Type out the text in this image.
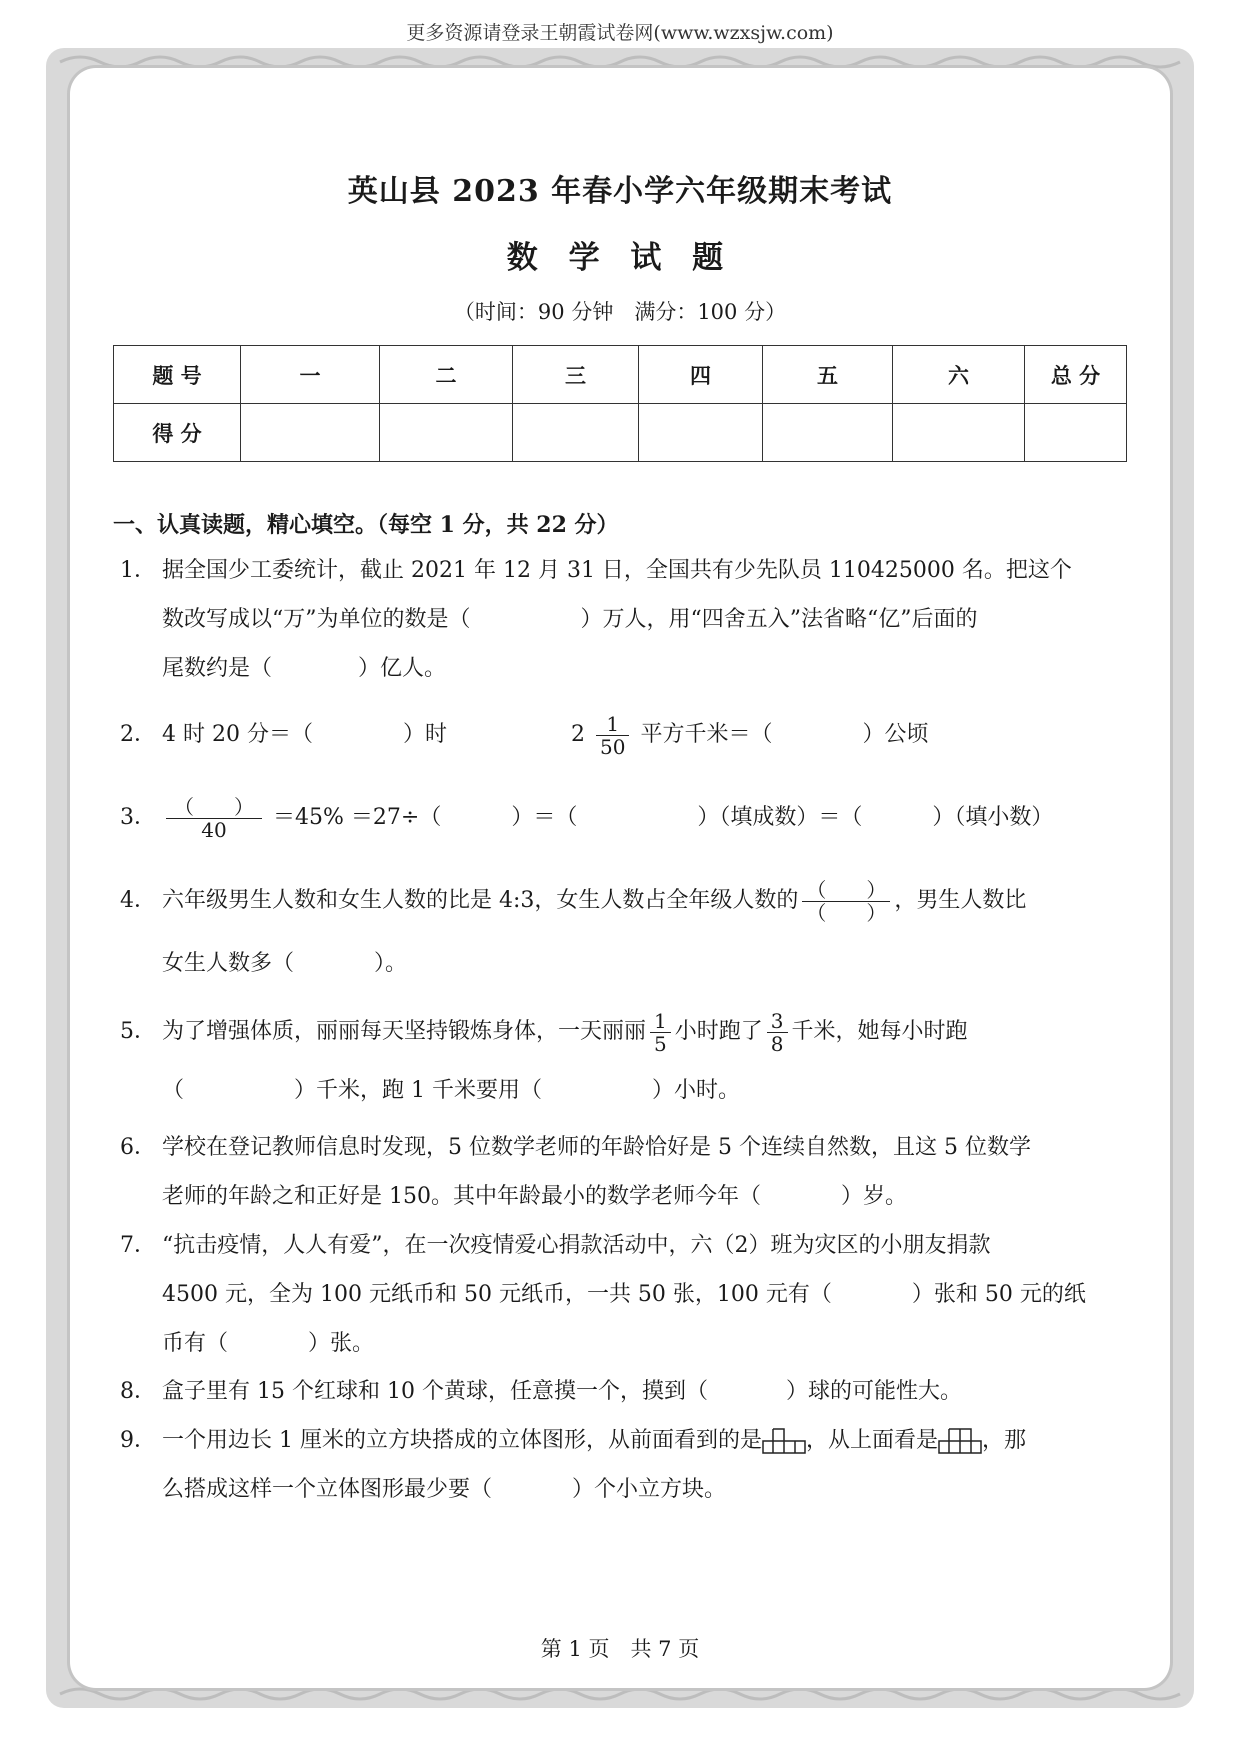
更多资源请登录王朝霞试卷网(www.wzxsjw.com)
英山县 2023 年春小学六年级期末考试
数 学 试 题
（时间：90 分钟　满分：100 分）
题 号	一	二	三	四	五	六	总 分
得 分							
一、认真读题，精心填空。（每空 1 分，共 22 分）
1． 据全国少工委统计，截止 2021 年 12 月 31 日，全国共有少先队员 110425000 名。把这个
数改写成以“万”为单位的数是（	）万人，用“四舍五入”法省略“亿”后面的
尾数约是（	）亿人。
2． 4 时 20 分＝（	）时	$2 \frac{1}{50}$ 平方千米＝（	）公顷
3． $\frac{( )}{40} =45\% =27\div$（	）＝（	）（填成数）＝（	）（填小数）
4． 六年级男生人数和女生人数的比是 4:3，女生人数占全年级人数的 $\frac{( )}{( )}$ ，男生人数比
女生人数多（	）。
5． 为了增强体质，丽丽每天坚持锻炼身体，一天丽丽 $\frac{1}{5}$ 小时跑了 $\frac{3}{8}$ 千米，她每小时跑
（	）千米，跑 1 千米要用（	）小时。
6． 学校在登记教师信息时发现，5 位数学老师的年龄恰好是 5 个连续自然数，且这 5 位数学
老师的年龄之和正好是 150。其中年龄最小的数学老师今年（	）岁。
7． “抗击疫情，人人有爱”，在一次疫情爱心捐款活动中，六（2）班为灾区的小朋友捐款
4500 元，全为 100 元纸币和 50 元纸币，一共 50 张，100 元有（	）张和 50 元的纸
币有（	）张。
8． 盒子里有 15 个红球和 10 个黄球，任意摸一个，摸到（	）球的可能性大。
9． 一个用边长 1 厘米的立方块搭成的立体图形，从前面看到的是 ，从上面看是 ，那
么搭成这样一个立体图形最少要（	）个小立方块。
第 1 页　共 7 页
